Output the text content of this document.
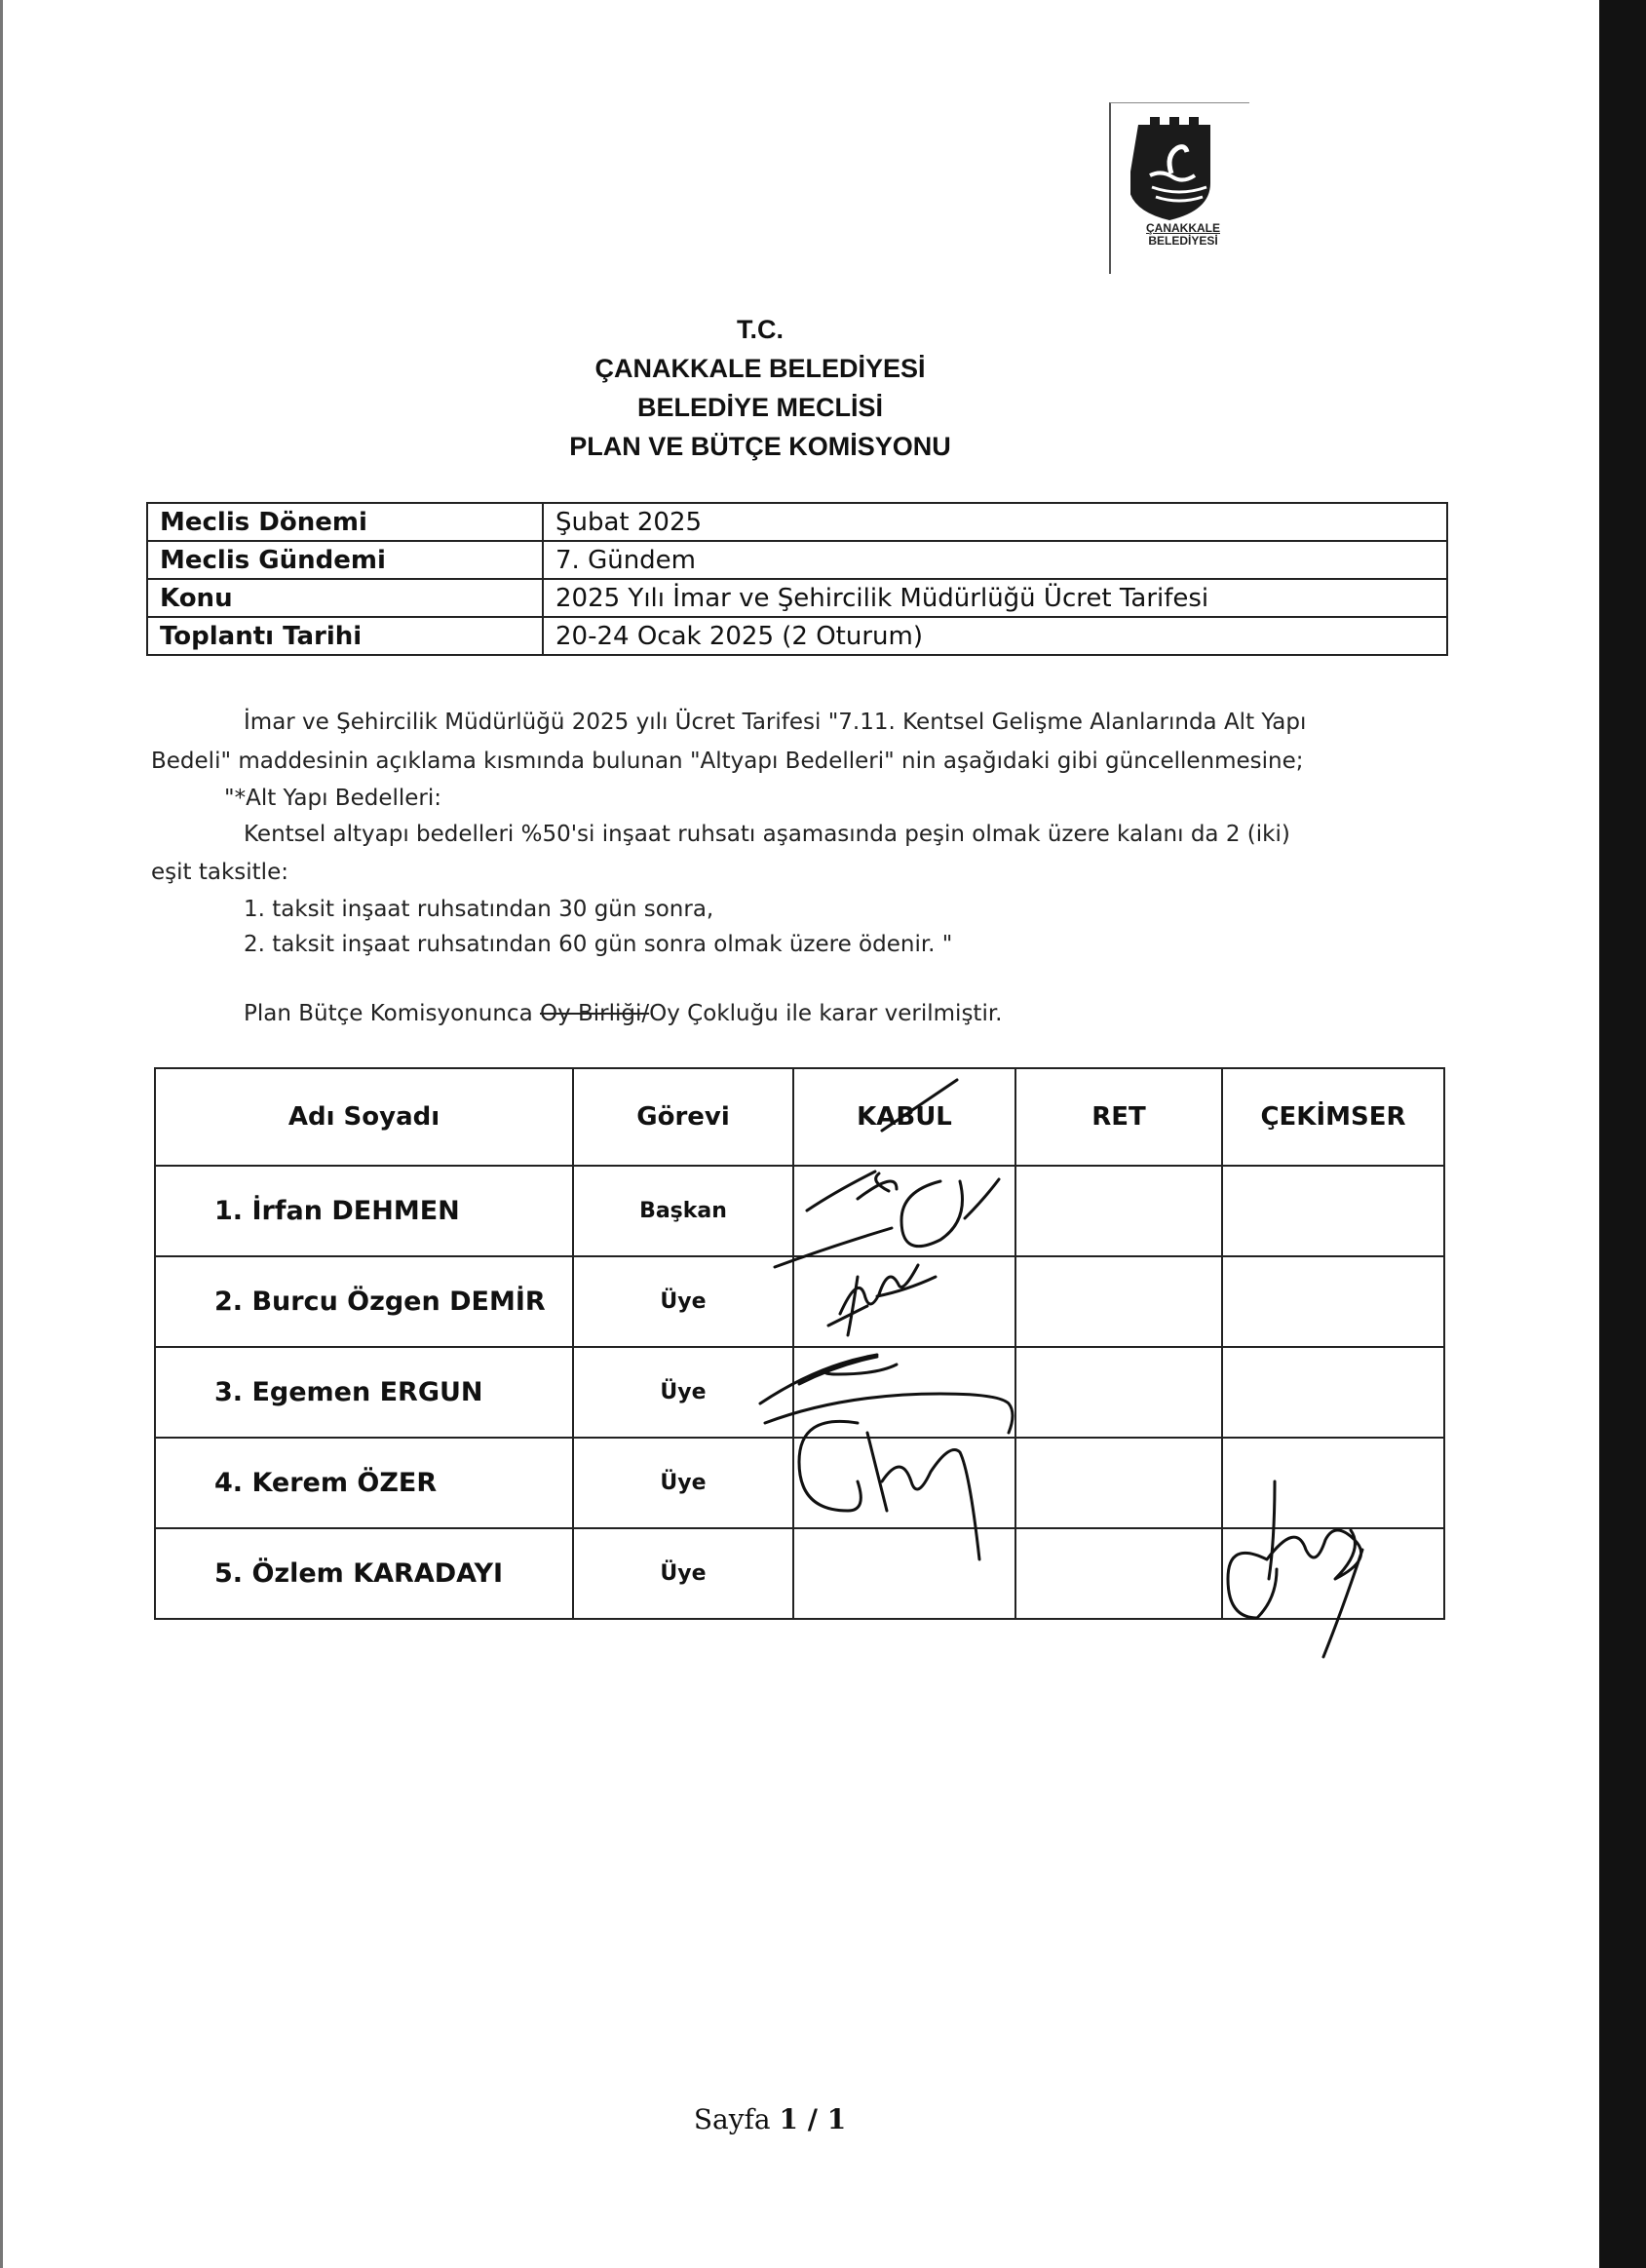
ÇANAKKALE
BELEDİYESİ
T.C.
ÇANAKKALE BELEDİYESİ
BELEDİYE MECLİSİ
PLAN VE BÜTÇE KOMİSYONU
Meclis Dönemi	Şubat 2025
Meclis Gündemi	7. Gündem
Konu	2025 Yılı İmar ve Şehircilik Müdürlüğü Ücret Tarifesi
Toplantı Tarihi	20-24 Ocak 2025 (2 Oturum)
İmar ve Şehircilik Müdürlüğü 2025 yılı Ücret Tarifesi "7.11. Kentsel Gelişme Alanlarında Alt Yapı
Bedeli" maddesinin açıklama kısmında bulunan "Altyapı Bedelleri" nin aşağıdaki gibi güncellenmesine;
"*Alt Yapı Bedelleri:
Kentsel altyapı bedelleri %50'si inşaat ruhsatı aşamasında peşin olmak üzere kalanı da 2 (iki)
eşit taksitle:
1. taksit inşaat ruhsatından 30 gün sonra,
2. taksit inşaat ruhsatından 60 gün sonra olmak üzere ödenir. "
Plan Bütçe Komisyonunca Oy Birliği/Oy Çokluğu ile karar verilmiştir.
Adı Soyadı	Görevi	KABUL	RET	ÇEKİMSER
1. İrfan DEHMEN	Başkan			
2. Burcu Özgen DEMİR	Üye			
3. Egemen ERGUN	Üye			
4. Kerem ÖZER	Üye			
5. Özlem KARADAYI	Üye			
Sayfa 1 / 1
